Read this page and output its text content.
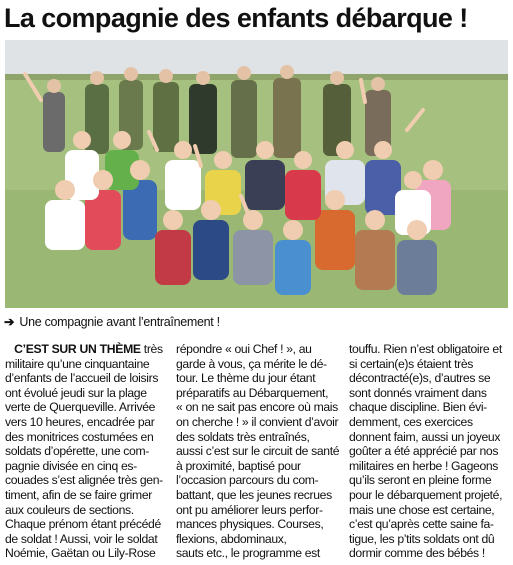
La compagnie des enfants débarque !
➔ Une compagnie avant l’entraînement !
C’EST SUR UN THÈME très
militaire qu’une cinquantaine
d’enfants de l’accueil de loisirs
ont évolué jeudi sur la plage
verte de Querqueville. Arrivée
vers 10 heures, encadrée par
des monitrices costumées en
soldats d’opérette, une com-
pagnie divisée en cinq es-
couades s’est alignée très gen-
timent, afin de se faire grimer
aux couleurs de sections.
Chaque prénom étant précédé
de soldat ! Aussi, voir le soldat
Noémie, Gaëtan ou Lily-Rose
répondre « oui Chef ! », au
garde à vous, ça mérite le dé-
tour. Le thème du jour étant
préparatifs au Débarquement,
« on ne sait pas encore où mais
on cherche ! » il convient d’avoir
des soldats très entraînés,
aussi c’est sur le circuit de santé
à proximité, baptisé pour
l’occasion parcours du com-
battant, que les jeunes recrues
ont pu améliorer leurs perfor-
mances physiques. Courses,
flexions, abdominaux,
sauts etc., le programme est
touffu. Rien n’est obligatoire et
si certain(e)s étaient très
décontracté(e)s, d’autres se
sont donnés vraiment dans
chaque discipline. Bien évi-
demment, ces exercices
donnent faim, aussi un joyeux
goûter a été apprécié par nos
militaires en herbe ! Gageons
qu’ils seront en pleine forme
pour le débarquement projeté,
mais une chose est certaine,
c’est qu’après cette saine fa-
tigue, les p’tits soldats ont dû
dormir comme des bébés !
